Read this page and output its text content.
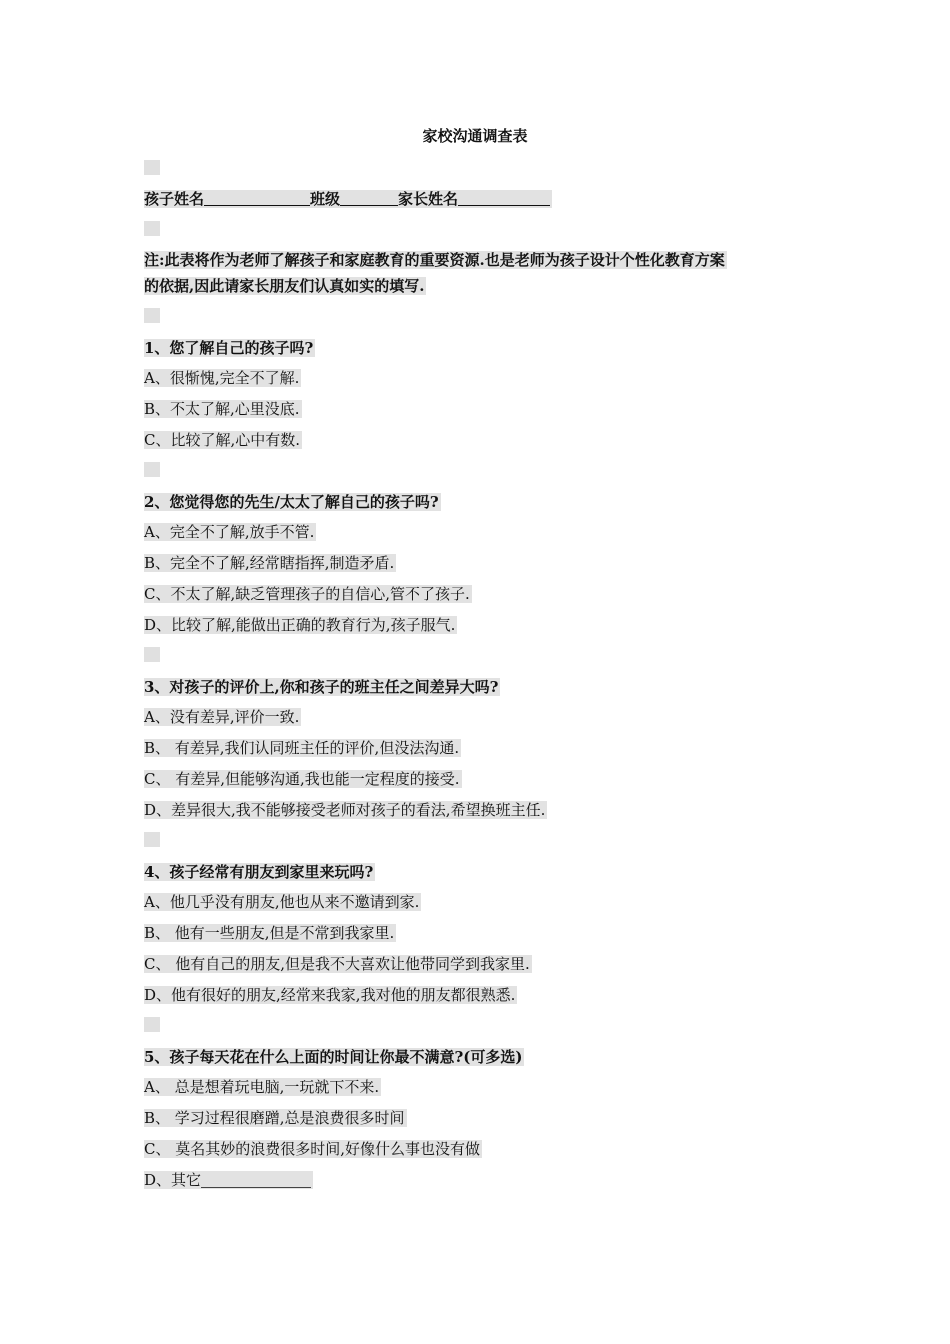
家校沟通调查表
孩子姓名	班级	家长姓名
注:此表将作为老师了解孩子和家庭教育的重要资源.也是老师为孩子设计个性化教育方案
的依据,因此请家长朋友们认真如实的填写.
1、您了解自己的孩子吗?
A、很惭愧,完全不了解.
B、不太了解,心里没底.
C、比较了解,心中有数.
2、您觉得您的先生/太太了解自己的孩子吗?
A、完全不了解,放手不管.
B、完全不了解,经常瞎指挥,制造矛盾.
C、不太了解,缺乏管理孩子的自信心,管不了孩子.
D、比较了解,能做出正确的教育行为,孩子服气.
3、对孩子的评价上,你和孩子的班主任之间差异大吗?
A、没有差异,评价一致.
B、 有差异,我们认同班主任的评价,但没法沟通.
C、 有差异,但能够沟通,我也能一定程度的接受.
D、差异很大,我不能够接受老师对孩子的看法,希望换班主任.
4、孩子经常有朋友到家里来玩吗?
A、他几乎没有朋友,他也从来不邀请到家.
B、 他有一些朋友,但是不常到我家里.
C、 他有自己的朋友,但是我不大喜欢让他带同学到我家里.
D、他有很好的朋友,经常来我家,我对他的朋友都很熟悉.
5、孩子每天花在什么上面的时间让你最不满意?(可多选)
A、 总是想着玩电脑,一玩就下不来.
B、 学习过程很磨蹭,总是浪费很多时间
C、 莫名其妙的浪费很多时间,好像什么事也没有做
D、其它
